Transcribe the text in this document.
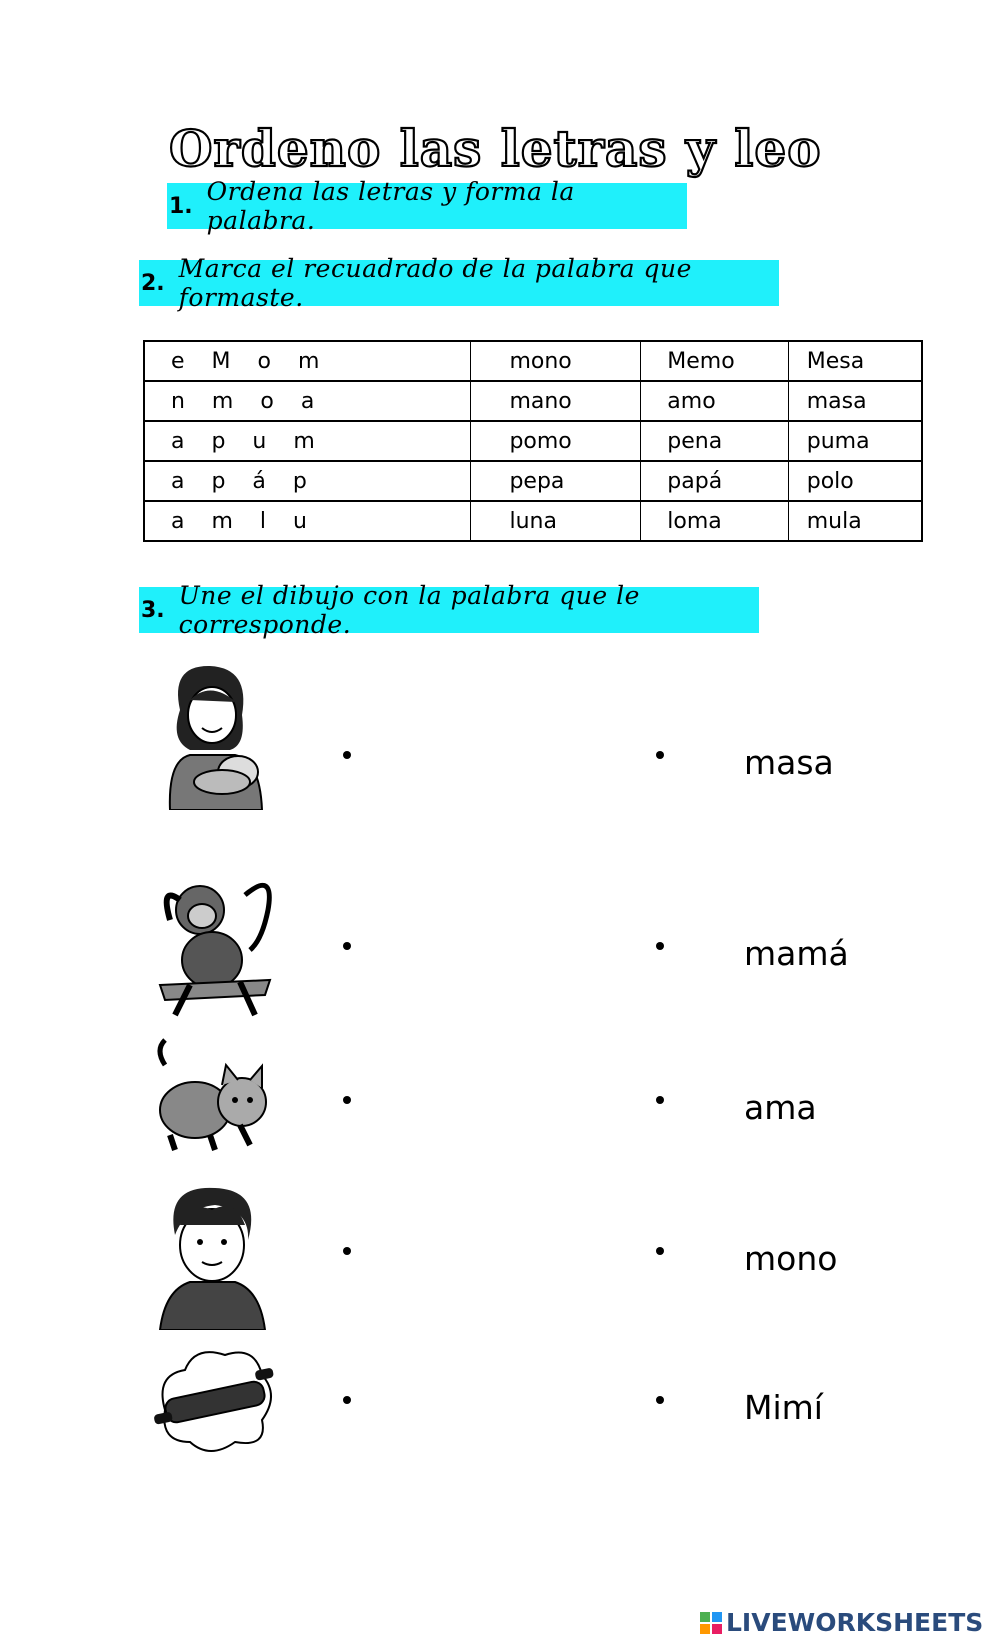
Ordeno las letras y leo
1. Ordena las letras y forma la palabra.
2. Marca el recuadrado de la palabra que formaste.
e M o m	mono	Memo	Mesa
n m o a	mano	amo	masa
a p u m	pomo	pena	puma
a p á p	pepa	papá	polo
a m l u	luna	loma	mula
3. Une el dibujo con la palabra que le corresponde.
masa
mamá
ama
mono
Mimí
LIVEWORKSHEETS
